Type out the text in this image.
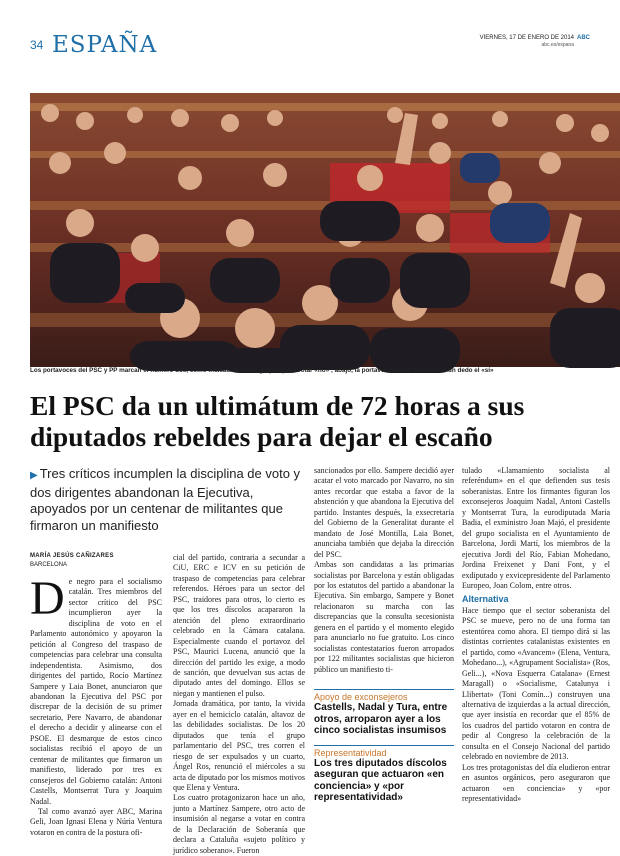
34 ESPAÑA	VIERNES, 17 DE ENERO DE 2014
abc.es/espana
ABC
Los portavoces del PSC y PP marcan el número dos, como indicación a sus grupos para votar «no» ; abajo, la portavoz de ERC señala con un dedo el «sí»
El PSC da un ultimátum de 72 horas a sus diputados rebeldes para dejar el escaño
▶ Tres críticos incumplen la disciplina de voto y dos dirigentes abandonan la Ejecutiva, apoyados por un centenar de militantes que firmaron un manifiesto
MARÍA JESÚS CAÑIZARES
BARCELONA
D e negro para el socialismo catalán. Tres miembros del sector crítico del PSC incumplieron ayer la disciplina de voto en el Parlamento autonómico y apoyaron la petición al Congreso del traspaso de competencias para celebrar una consulta independentista. Asimismo, dos dirigentes del partido, Rocío Martínez Sampere y Laia Bonet, anunciaron que abandonan la Ejecutiva del PSC por discrepar de la decisión de su primer secretario, Pere Navarro, de abandonar el derecho a decidir y alinearse con el PSOE. El desmarque de estos cinco socialistas recibió el apoyo de un centenar de militantes que firmaron un manifiesto, liderado por tres ex consejeros del Gobierno catalán: Antoni Castells, Montserrat Tura y Joaquim Nadal.

Tal como avanzó ayer ABC, Marina Geli, Joan Ignasi Elena y Núria Ventura votaron en contra de la postura ofi-

cial del partido, contraria a secundar a CiU, ERC e ICV en su petición de traspaso de competencias para celebrar referendos. Héroes para un sector del PSC, traidores para otros, lo cierto es que los tres díscolos acapararon la atención del pleno extraordinario celebrado en la Cámara catalana. Especialmente cuando el portavoz del PSC, Maurici Lucena, anunció que la dirección del partido les exige, a modo de sanción, que devuelvan sus actas de diputado antes del domingo. Ellos se niegan y mantienen el pulso.
Jornada dramática, por tanto, la vivida ayer en el hemiciclo catalán, altavoz de las debilidades socialistas. De los 20 diputados que tenía el grupo parlamentario del PSC, tres corren el riesgo de ser expulsados y un cuarto, Ángel Ros, renunció el miércoles a su acta de diputado por los mismos motivos que Elena y Ventura.
Los cuatro protagonizaron hace un año, junto a Martínez Sampere, otro acto de insumisión al negarse a votar en contra de la Declaración de Soberanía que declara a Cataluña «sujeto político y jurídico soberano». Fueron
sancionados por ello. Sampere decidió ayer acatar el voto marcado por Navarro, no sin antes recordar que estaba a favor de la abstención y que abandona la Ejecutiva del partido. Instantes después, la exsecretaria del Gobierno de la Generalitat durante el mandato de José Montilla, Laia Bonet, anunciaba también que dejaba la dirección del PSC.
Ambas son candidatas a las primarias socialistas por Barcelona y están obligadas por los estatutos del partido a abandonar la Ejecutiva. Sin embargo, Sampere y Bonet relacionaron su marcha con las discrepancias que la consulta secesionista genera en el partido y el momento elegido para anunciarlo no fue gratuito. Los cinco socialistas contestatarios fueron arropados por 122 militantes socialistas que hicieron público un manifiesto ti-
Apoyo de exconsejeros
Castells, Nadal y Tura, entre otros, arroparon ayer a los cinco socialistas insumisos
Representatividad
Los tres diputados díscolos aseguran que actuaron «en conciencia» y «por representatividad»

tulado «Llamamiento socialista al referéndum» en el que defienden sus tesis soberanistas. Entre los firmantes figuran los exconsejeros Joaquim Nadal, Antoni Castells y Montserrat Tura, la eurodiputada Maria Badia, el exministro Joan Majó, el presidente del grupo socialista en el Ayuntamiento de Barcelona, Jordi Martí, los miembros de la ejecutiva Jordi del Río, Fabian Mohedano, Jordina Freixenet y Dani Font, y el exdiputado y exvicepresidente del Parlamento Europeo, Joan Colom, entre otros.

Alternativa

Hace tiempo que el sector soberanista del PSC se mueve, pero no de una forma tan estentórea como ahora. El tiempo dirá si las distintas corrientes catalanistas existentes en el partido, como «Avancem» (Elena, Ventura, Mohedano...), «Agrupament Socialista» (Ros, Geli...), «Nova Esquerra Catalana» (Ernest Maragall) o «Socialisme, Catalunya i Llibertat» (Toni Comín...) construyen una alternativa de izquierdas a la actual dirección, que ayer insistía en recordar que el 85% de los cuadros del partido votaron en contra de pedir al Congreso la celebración de la consulta en el Consejo Nacional del partido celebrado en noviembre de 2013.
Los tres protagonistas del día eludieron entrar en asuntos orgánicos, pero aseguraron que actuaron «en conciencia» y «por representatividad»
